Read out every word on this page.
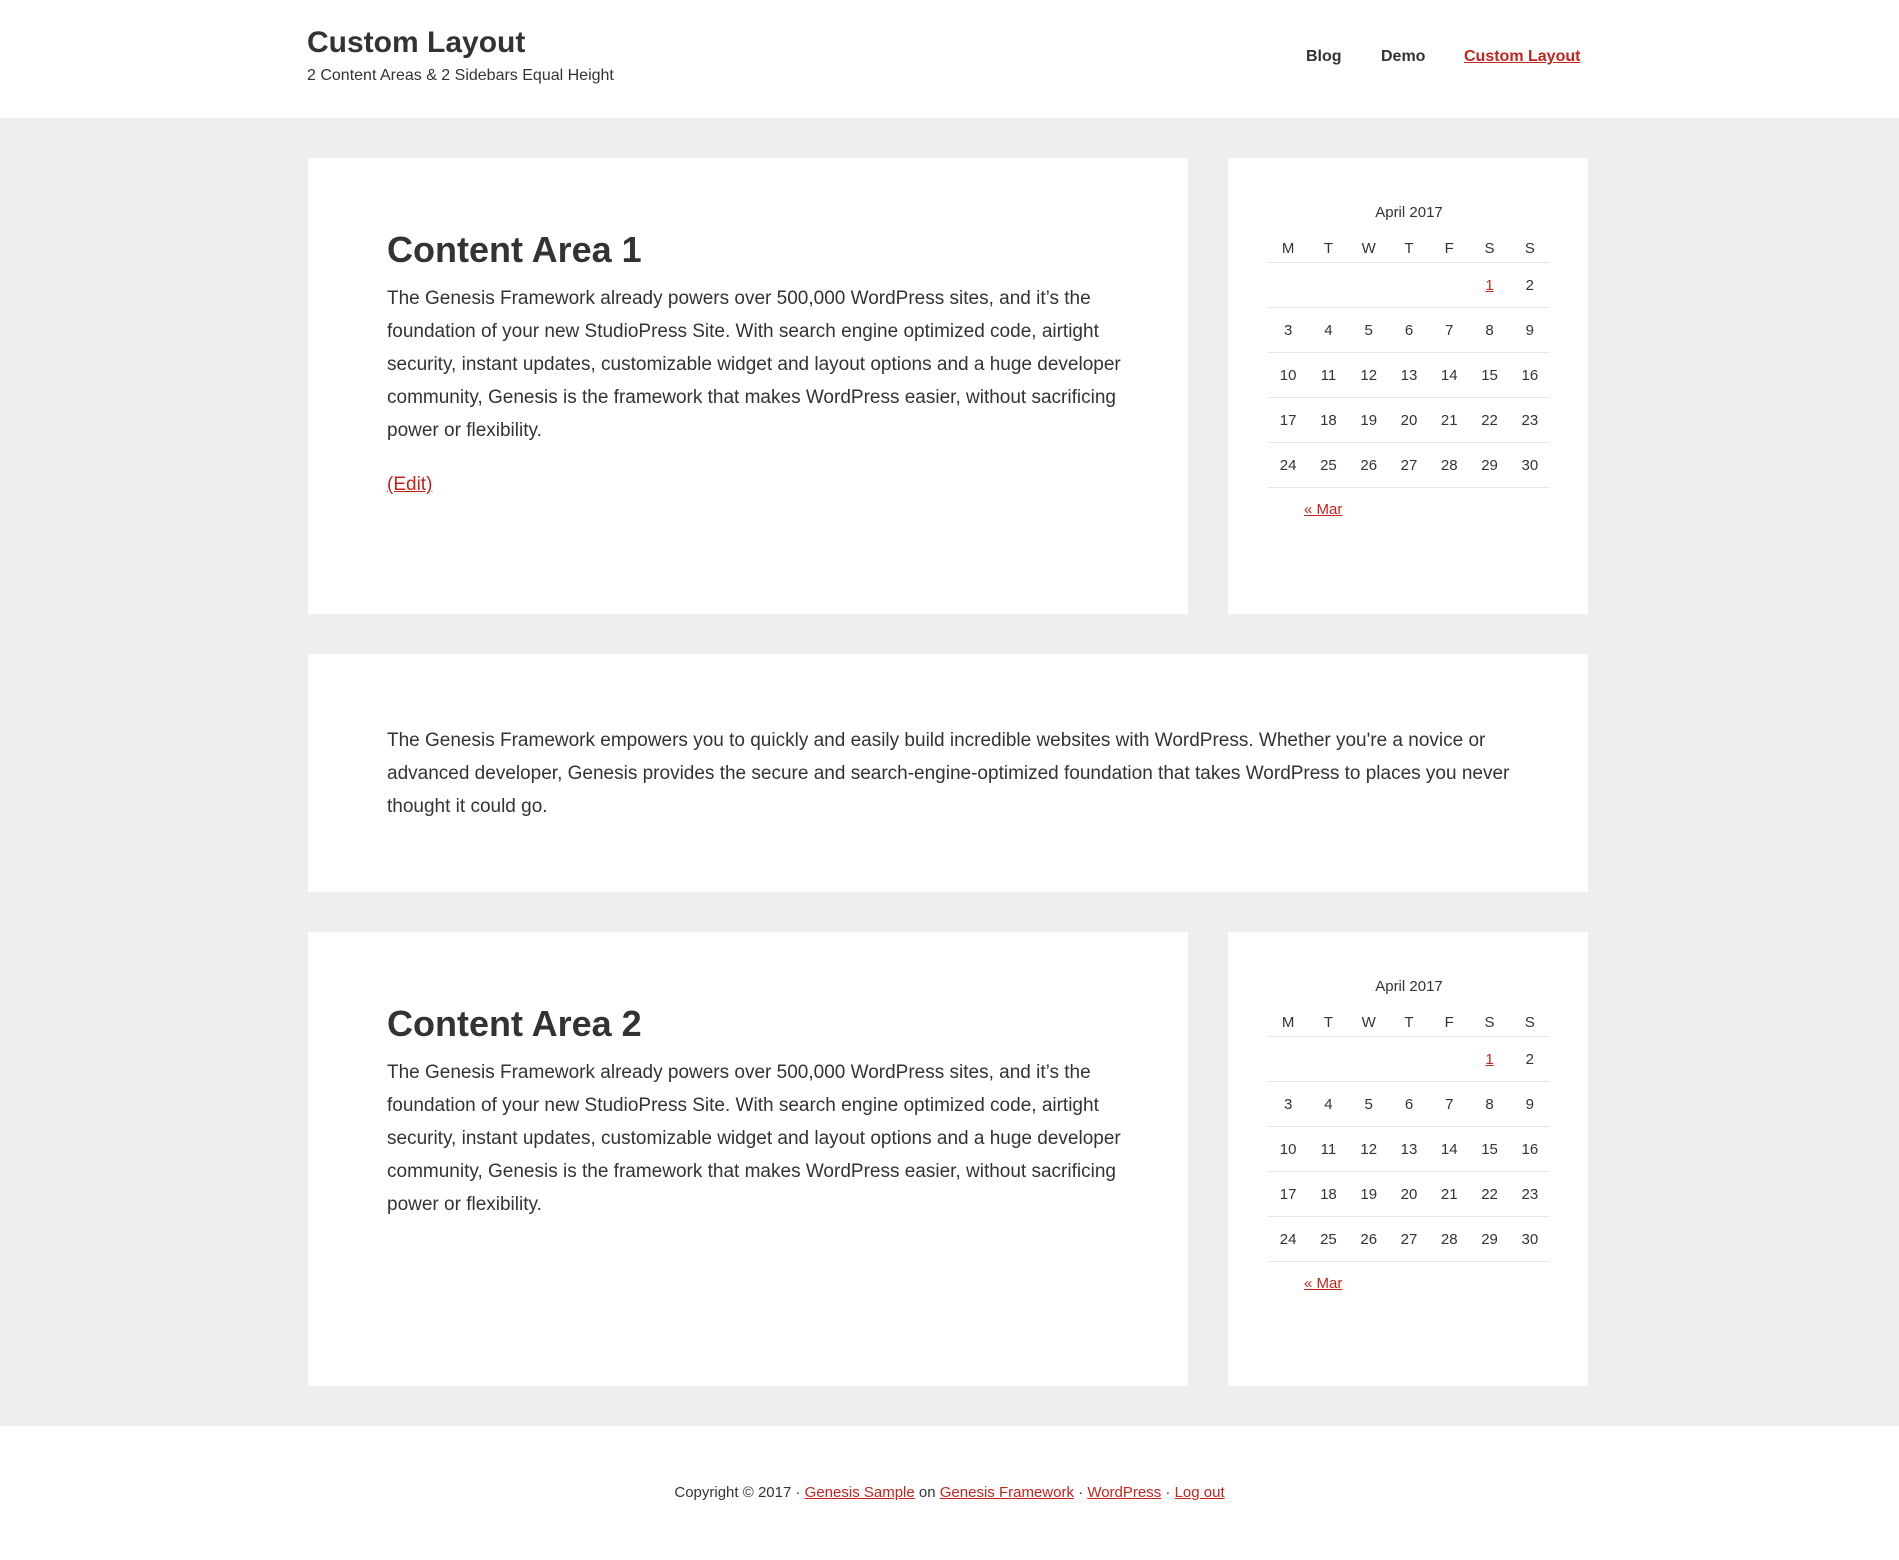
Custom Layout
2 Content Areas & 2 Sidebars Equal Height
Blog Demo Custom Layout
Content Area 1

The Genesis Framework already powers over 500,000 WordPress sites, and it’s the foundation of your new StudioPress Site. With search engine optimized code, airtight security, instant updates, customizable widget and layout options and a huge developer community, Genesis is the framework that makes WordPress easier, without sacrificing power or flexibility.

(Edit)
April 2017
M	T	W	T	F	S	S
					1	2
3	4	5	6	7	8	9
10	11	12	13	14	15	16
17	18	19	20	21	22	23
24	25	26	27	28	29	30
« Mar

The Genesis Framework empowers you to quickly and easily build incredible websites with WordPress. Whether you're a novice or advanced developer, Genesis provides the secure and search-engine-optimized foundation that takes WordPress to places you never thought it could go.

Content Area 2

The Genesis Framework already powers over 500,000 WordPress sites, and it’s the foundation of your new StudioPress Site. With search engine optimized code, airtight security, instant updates, customizable widget and layout options and a huge developer community, Genesis is the framework that makes WordPress easier, without sacrificing power or flexibility.

April 2017
M	T	W	T	F	S	S
					1	2
3	4	5	6	7	8	9
10	11	12	13	14	15	16
17	18	19	20	21	22	23
24	25	26	27	28	29	30
« Mar
Copyright © 2017 · Genesis Sample on Genesis Framework · WordPress · Log out
